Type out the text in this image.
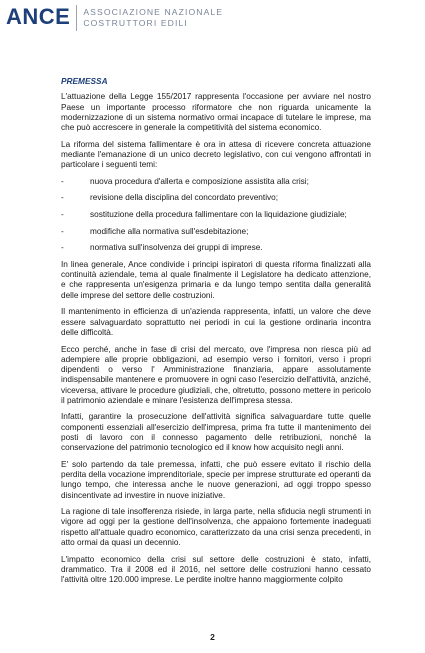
ANCE ASSOCIAZIONE NAZIONALE
COSTRUTTORI EDILI
PREMESSA

L'attuazione della Legge 155/2017 rappresenta l'occasione per avviare nel nostro Paese un importante processo riformatore che non riguarda unicamente la modernizzazione di un sistema normativo ormai incapace di tutelare le imprese, ma che può accrescere in generale la competitività del sistema economico.

La riforma del sistema fallimentare è ora in attesa di ricevere concreta attuazione mediante l'emanazione di un unico decreto legislativo, con cui vengono affrontati in particolare i seguenti temi:

-	nuova procedura d'allerta e composizione assistita alla crisi;
-	revisione della disciplina del concordato preventivo;
-	sostituzione della procedura fallimentare con la liquidazione giudiziale;
-	modifiche alla normativa sull'esdebitazione;
-	normativa sull'insolvenza dei gruppi di imprese.

In linea generale, Ance condivide i principi ispiratori di questa riforma finalizzati alla continuità aziendale, tema al quale finalmente il Legislatore ha dedicato attenzione, e che rappresenta un'esigenza primaria e da lungo tempo sentita dalla generalità delle imprese del settore delle costruzioni.

Il mantenimento in efficienza di un'azienda rappresenta, infatti, un valore che deve essere salvaguardato soprattutto nei periodi in cui la gestione ordinaria incontra delle difficoltà.

Ecco perché, anche in fase di crisi del mercato, ove l'impresa non riesca più ad adempiere alle proprie obbligazioni, ad esempio verso i fornitori, verso i propri dipendenti o verso l' Amministrazione finanziaria, appare assolutamente indispensabile mantenere e promuovere in ogni caso l'esercizio dell'attività, anziché, viceversa, attivare le procedure giudiziali, che, oltretutto, possono mettere in pericolo il patrimonio aziendale e minare l'esistenza dell'impresa stessa.

Infatti, garantire la prosecuzione dell'attività significa salvaguardare tutte quelle componenti essenziali all'esercizio dell'impresa, prima fra tutte il mantenimento dei posti di lavoro con il connesso pagamento delle retribuzioni, nonché la conservazione del patrimonio tecnologico ed il know how acquisito negli anni.

E' solo partendo da tale premessa, infatti, che può essere evitato il rischio della perdita della vocazione imprenditoriale, specie per imprese strutturate ed operanti da lungo tempo, che interessa anche le nuove generazioni, ad oggi troppo spesso disincentivate ad investire in nuove iniziative.

La ragione di tale insofferenza risiede, in larga parte, nella sfiducia negli strumenti in vigore ad oggi per la gestione dell'insolvenza, che appaiono fortemente inadeguati rispetto all'attuale quadro economico, caratterizzato da una crisi senza precedenti, in atto ormai da quasi un decennio.

L'impatto economico della crisi sul settore delle costruzioni è stato, infatti, drammatico. Tra il 2008 ed il 2016, nel settore delle costruzioni hanno cessato l'attività oltre 120.000 imprese. Le perdite inoltre hanno maggiormente colpito

2
